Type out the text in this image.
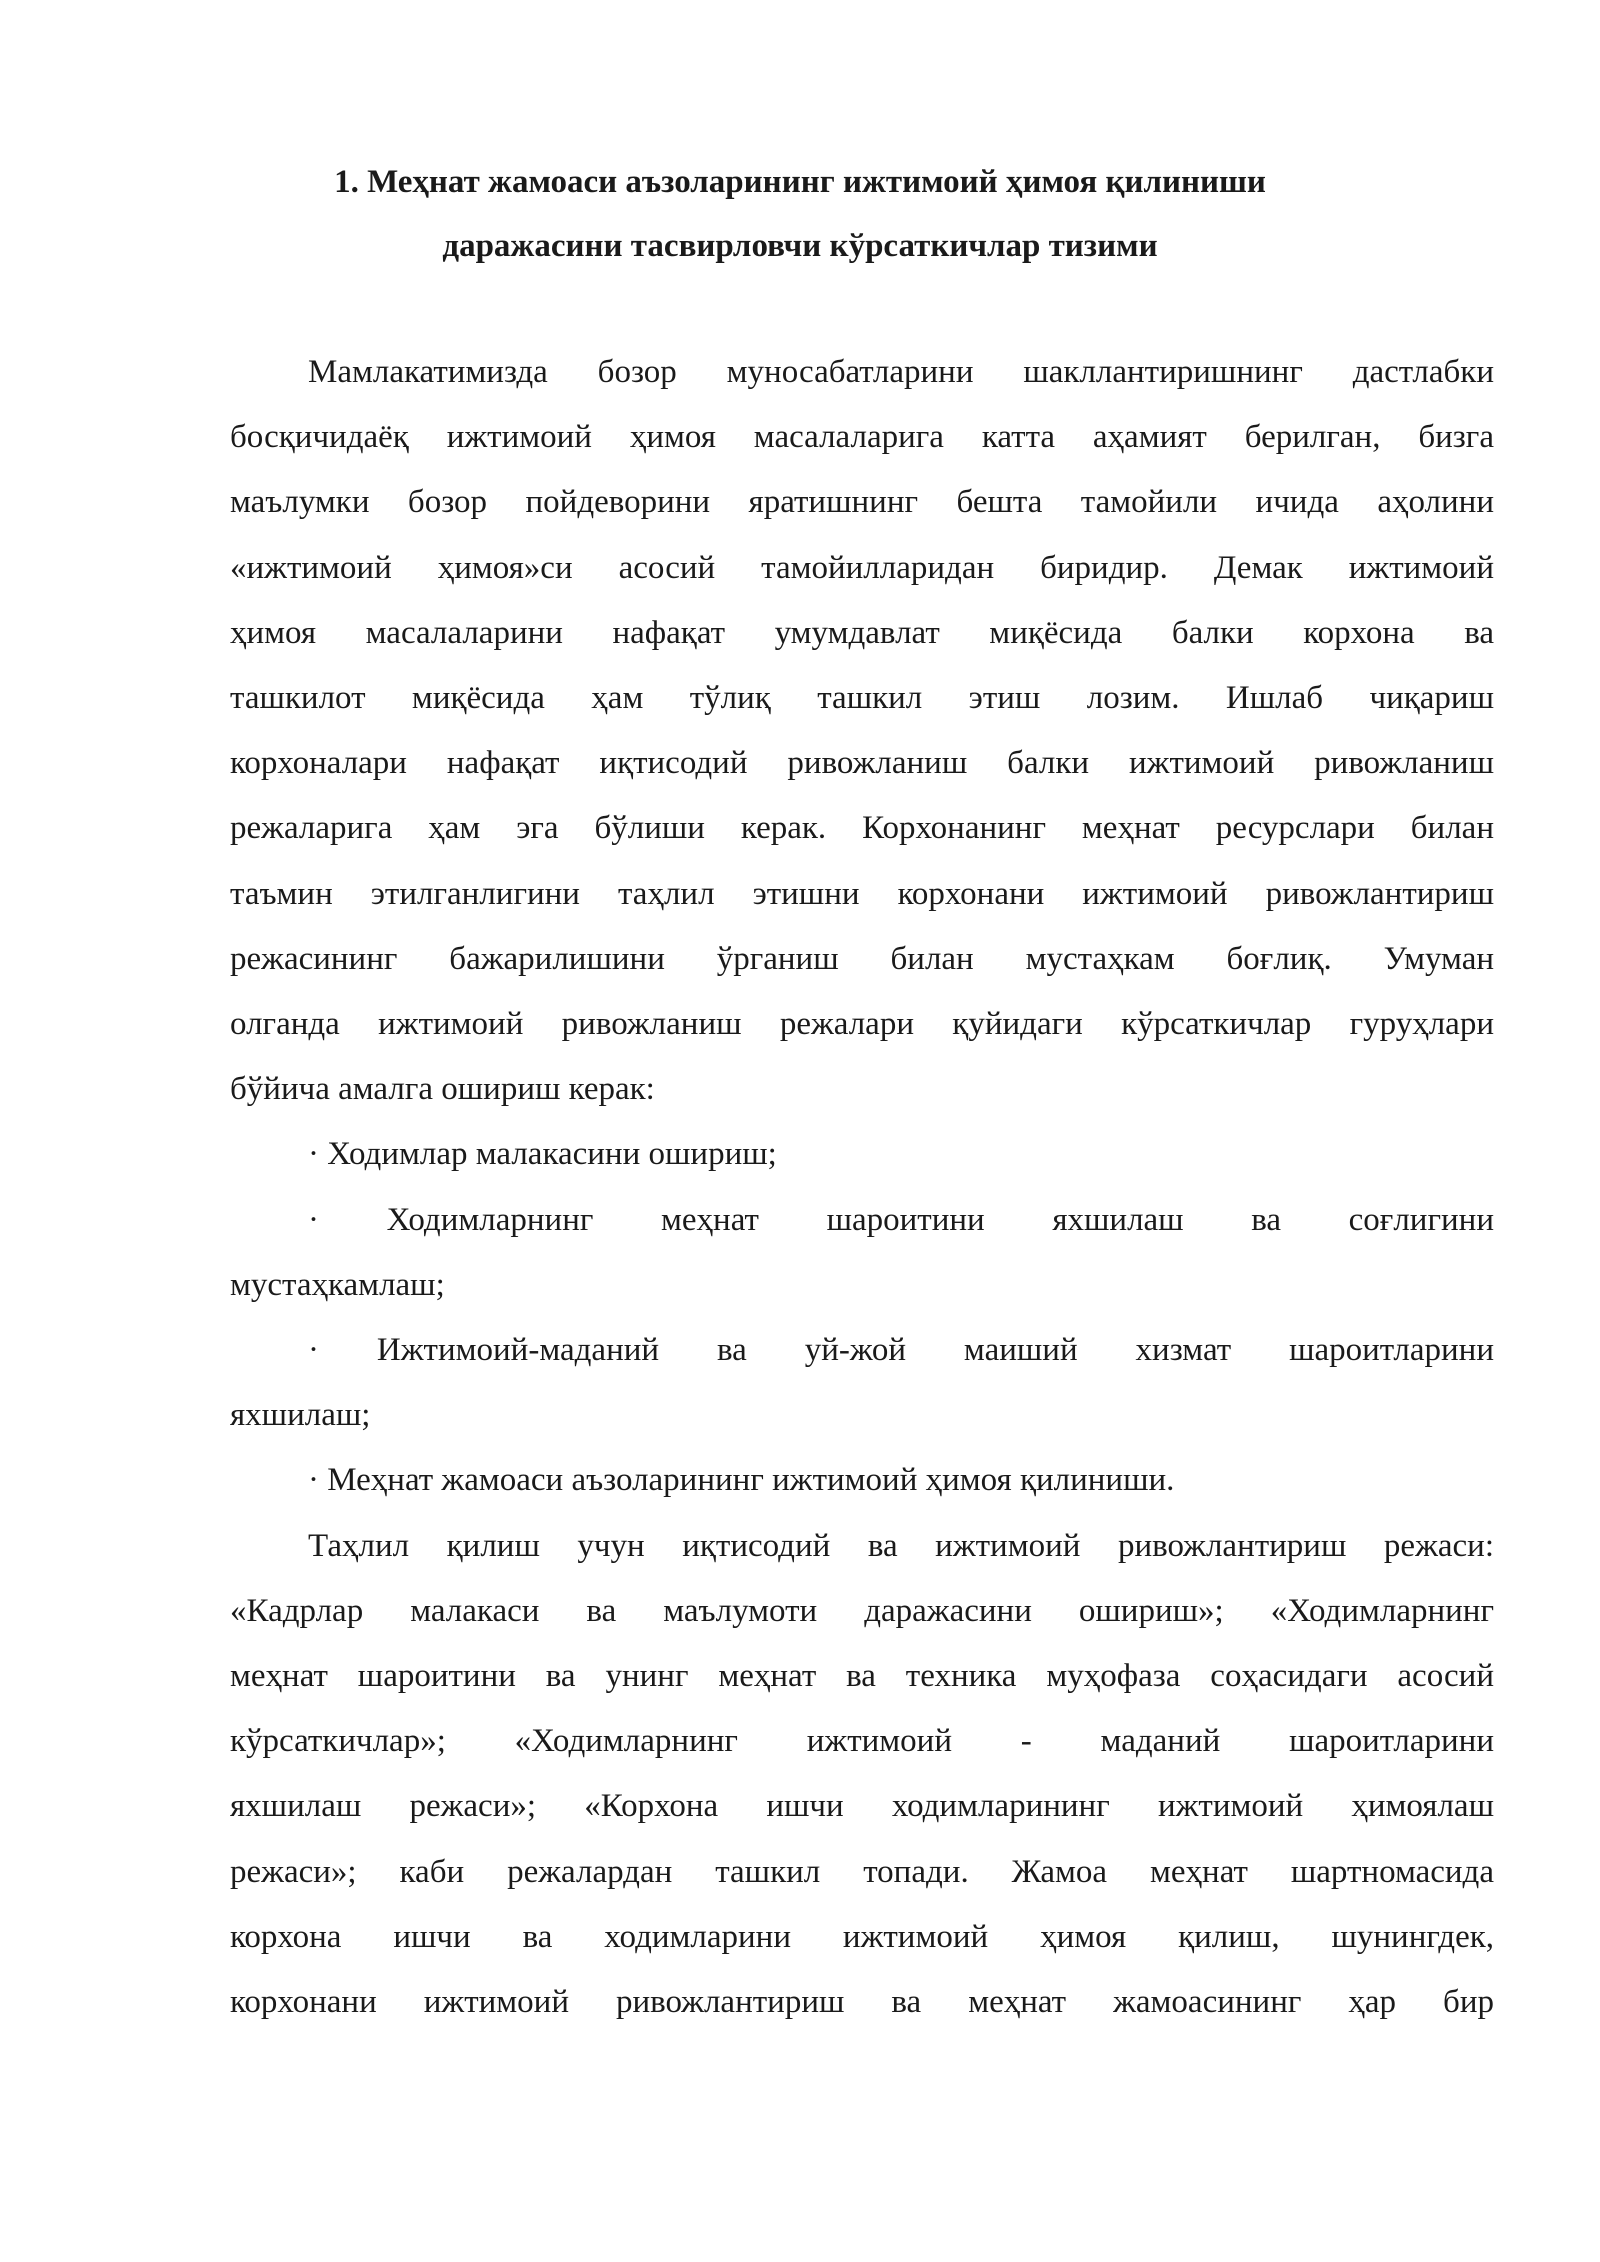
1. Меҳнат жамоаси аъзоларининг ижтимоий ҳимоя қилиниши
даражасини тасвирловчи кўрсаткичлар тизими
Мамлакатимизда бозор муносабатларини шакллантиришнинг дастлабки
босқичидаёқ ижтимоий ҳимоя масалаларига катта аҳамият берилган, бизга
маълумки бозор пойдеворини яратишнинг бешта тамойили ичида аҳолини
«ижтимоий ҳимоя»си асосий тамойилларидан биридир. Демак ижтимоий
ҳимоя масалаларини нафақат умумдавлат миқёсида балки корхона ва
ташкилот миқёсида ҳам тўлиқ ташкил этиш лозим. Ишлаб чиқариш
корхоналари нафақат иқтисодий ривожланиш балки ижтимоий ривожланиш
режаларига ҳам эга бўлиши керак. Корхонанинг меҳнат ресурслари билан
таъмин этилганлигини таҳлил этишни корхонани ижтимоий ривожлантириш
режасининг бажарилишини ўрганиш билан мустаҳкам боғлиқ. Умуман
олганда ижтимоий ривожланиш режалари қуйидаги кўрсаткичлар гуруҳлари
бўйича амалга ошириш керак:
· Ходимлар малакасини ошириш;
· Ходимларнинг меҳнат шароитини яхшилаш ва соғлигини
мустаҳкамлаш;
· Ижтимоий-маданий ва уй-жой маиший хизмат шароитларини
яхшилаш;
· Меҳнат жамоаси аъзоларининг ижтимоий ҳимоя қилиниши.
Таҳлил қилиш учун иқтисодий ва ижтимоий ривожлантириш режаси:
«Кадрлар малакаси ва маълумоти даражасини ошириш»; «Ходимларнинг
меҳнат шароитини ва унинг меҳнат ва техника муҳофаза соҳасидаги асосий
кўрсаткичлар»; «Ходимларнинг ижтимоий - маданий шароитларини
яхшилаш режаси»; «Корхона ишчи ходимларининг ижтимоий ҳимоялаш
режаси»; каби режалардан ташкил топади. Жамоа меҳнат шартномасида
корхона ишчи ва ходимларини ижтимоий ҳимоя қилиш, шунингдек,
корхонани ижтимоий ривожлантириш ва меҳнат жамоасининг ҳар бир
